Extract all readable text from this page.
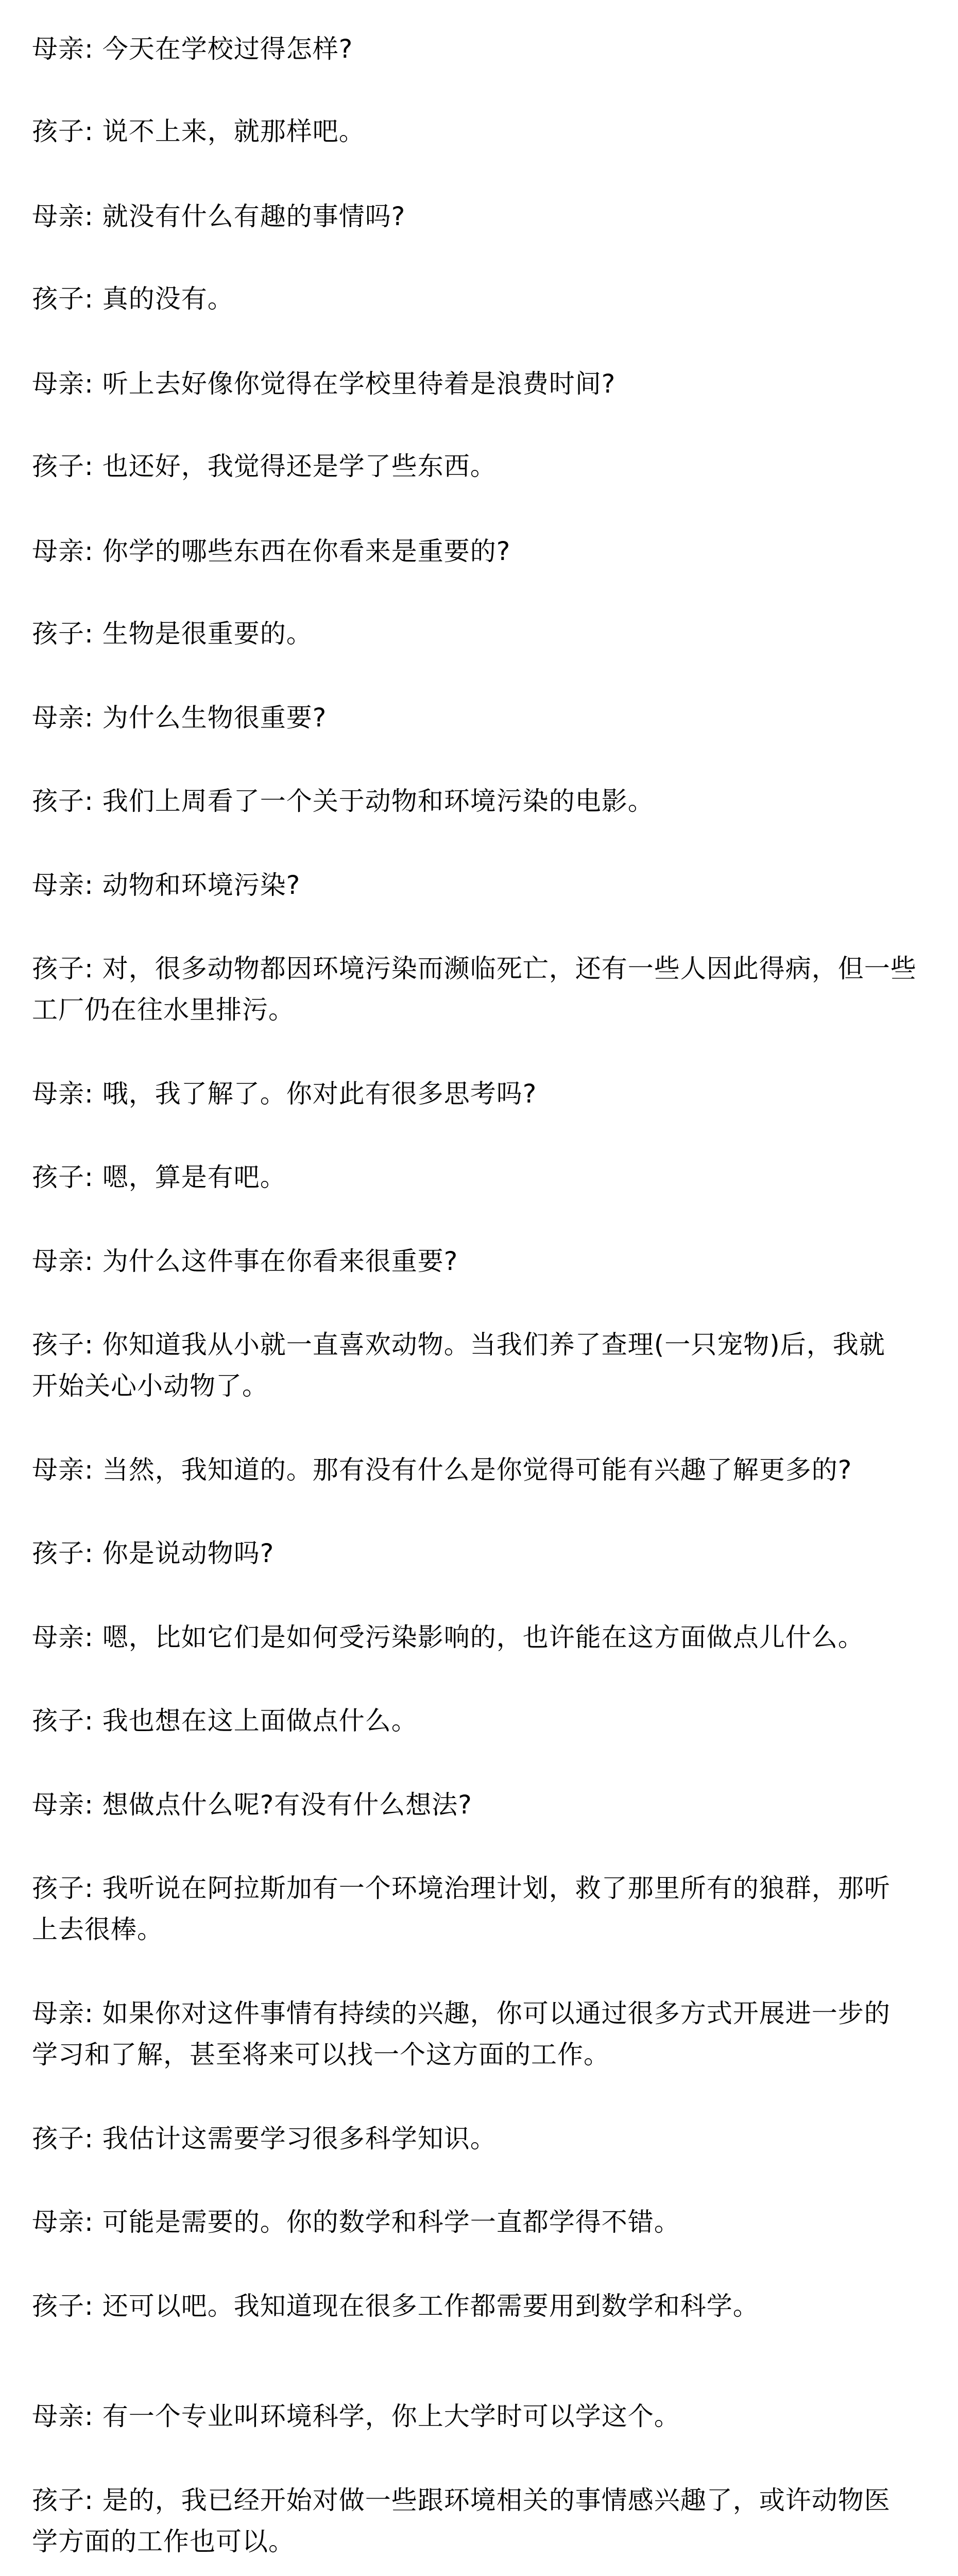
母亲: 今天在学校过得怎样?
孩子: 说不上来，就那样吧。
母亲: 就没有什么有趣的事情吗?
孩子: 真的没有。
母亲: 听上去好像你觉得在学校里待着是浪费时间?
孩子: 也还好，我觉得还是学了些东西。
母亲: 你学的哪些东西在你看来是重要的?
孩子: 生物是很重要的。
母亲: 为什么生物很重要?
孩子: 我们上周看了一个关于动物和环境污染的电影。
母亲: 动物和环境污染?
孩子: 对，很多动物都因环境污染而濒临死亡，还有一些人因此得病，但一些
工厂仍在往水里排污。
母亲: 哦，我了解了。你对此有很多思考吗?
孩子: 嗯，算是有吧。
母亲: 为什么这件事在你看来很重要?
孩子: 你知道我从小就一直喜欢动物。当我们养了查理(一只宠物)后，我就
开始关心小动物了。
母亲: 当然，我知道的。那有没有什么是你觉得可能有兴趣了解更多的?
孩子: 你是说动物吗?
母亲: 嗯，比如它们是如何受污染影响的，也许能在这方面做点儿什么。
孩子: 我也想在这上面做点什么。
母亲: 想做点什么呢?有没有什么想法?
孩子: 我听说在阿拉斯加有一个环境治理计划，救了那里所有的狼群，那听
上去很棒。
母亲: 如果你对这件事情有持续的兴趣，你可以通过很多方式开展进一步的
学习和了解，甚至将来可以找一个这方面的工作。
孩子: 我估计这需要学习很多科学知识。
母亲: 可能是需要的。你的数学和科学一直都学得不错。
孩子: 还可以吧。我知道现在很多工作都需要用到数学和科学。
母亲: 有一个专业叫环境科学，你上大学时可以学这个。
孩子: 是的，我已经开始对做一些跟环境相关的事情感兴趣了，或许动物医
学方面的工作也可以。
